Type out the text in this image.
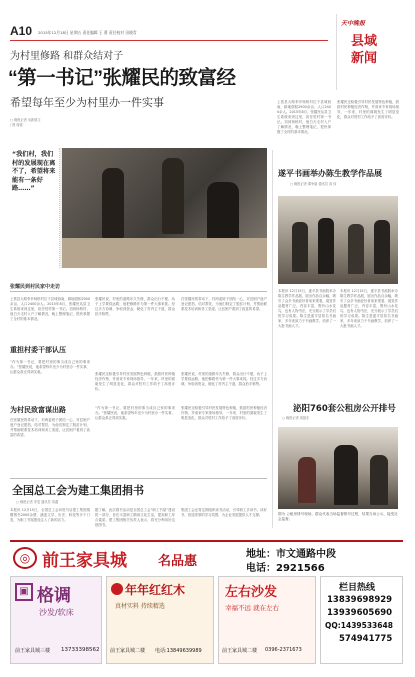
A10 2015年12月18日 星期五 责任编辑 王 曹 责任校对 田晓青
天中晚报
县域新闻
为村里修路 和群众结对子
“第一书记”张耀民的致富经
希望每年至少为村里办一件实事
□ 晚报记者 吴新德文
/ 图 周强
“我们村，我们村的发展现在离不了，希望将来能有一条好路……”
张耀民到村民家中走访
上蔡县大路李乡杨桥村位于县城西南，耕地面积2900余亩，人口2400余人。2015年8月，张耀民从县卫生系统来到这里，担任驻村第一书记。初到杨桥村，他白天走村入户了解情况，晚上整理笔记，很快掌握了全村的基本情况。
张耀民说，村里的道路年久失修，群众出行不便，孩子上学要绕远路，他把修路作为第一件大事来抓。经过多方协调，争取到资金，硬化了村内主干道，群众拍手称赞。
在张耀民的带动下，村两委班子团结一心，对贫困户逐户登记建档，结对帮扶，为他们制定了脱贫计划，并帮助联系技术培训和务工渠道，让贫困户看到了致富的希望。
重担村委干部认压
“作为第一书记，要把村里的事当成自己家的事来办。”张耀民说，他希望每年至少为村里办一件实事，让群众真正得到实惠。	张耀民还积极引导村民发展特色种植，鼓励村民种植经济作物，并请来专家现场指导，一年来，村里的面貌发生了明显变化，群众对驻村工作给予了高度评价。
张耀民说，村里的道路年久失修，群众出行不便，孩子上学要绕远路，他把修路作为第一件大事来抓。经过多方协调，争取到资金，硬化了村内主干道，群众拍手称赞。
为村民致富谋出路
在张耀民的带动下，村两委班子团结一心，对贫困户逐户登记建档，结对帮扶，为他们制定了脱贫计划，并帮助联系技术培训和务工渠道，让贫困户看到了致富的希望。
“作为第一书记，要把村里的事当成自己家的事来办。”张耀民说，他希望每年至少为村里办一件实事，让群众真正得到实惠。
张耀民还积极引导村民发展特色种植，鼓励村民种植经济作物，并请来专家现场指导，一年来，村里的面貌发生了明显变化，群众对驻村工作给予了高度评价。
上蔡县大路李乡杨桥村位于县城西南，耕地面积2900余亩，人口2400余人。2015年8月，张耀民从县卫生系统来到这里，担任驻村第一书记。初到杨桥村，他白天走村入户了解情况，晚上整理笔记，很快掌握了全村的基本情况。
张耀民还积极引导村民发展特色种植，鼓励村民种植经济作物，并请来专家现场指导，一年来，村里的面貌发生了明显变化，群众对驻村工作给予了高度评价。
遂平书画举办陈生教学作品展
□ 晚报记者 谭争丽 通讯员 高 伟
本报讯 12月15日，遂平县书画院举办陈生教学作品展，展出作品百余幅，吸引了众多书画爱好者前来观看，展览作品题材广泛，内容丰富，既有山水花鸟，也有人物书法，充分展示了学员们的学习成果。陈生是遂平县知名书画家，多年来致力于书画教学，培养了一大批书画人才。
本报讯 12月15日，遂平县书画院举办陈生教学作品展，展出作品百余幅，吸引了众多书画爱好者前来观看，展览作品题材广泛，内容丰富，既有山水花鸟，也有人物书法，充分展示了学员们的学习成果。陈生是遂平县知名书画家，多年来致力于书画教学，培养了一大批书画人才。
泌阳760套公租房公开排号
□ 晚报记者 周振东
图为 公租房排号现场，群众代表当场监督排号过程，结果当场公示，接受社会监督。
全国总工会为建工集团捐书
□ 晚报记者 李雯 通讯员 刘鑫
本报讯 12月15日，全国总工会向驻马店建工集团捐赠图书2000余册，涵盖文学、历史、科技等多个门类，为职工书屋建设注入了新的活力。
据了解，此次捐书活动是全国总工会“职工书屋”建设的一部分，旨在丰富职工精神文化生活，提高职工综合素质。建工集团相关负责人表示，将充分利用好这批图书。
集团工会还将定期组织读书活动，引导职工多读书、读好书，营造浓厚的学习氛围，为企业发展提供人才支撑。
◎ 前王家具城 名品惠	地址：市文通路中段
电话：2921566
▣ 格调
沙发/软床
前王家具城三楼 13733398562
年年红红木
真材实料 持续精选
前王家具城二楼 电话:13849639989
左右沙发
幸福不远 就在左右
前王家具城二楼 0396-2371673
栏目热线
13839698929
13939605690
QQ:1439533648
574941775
